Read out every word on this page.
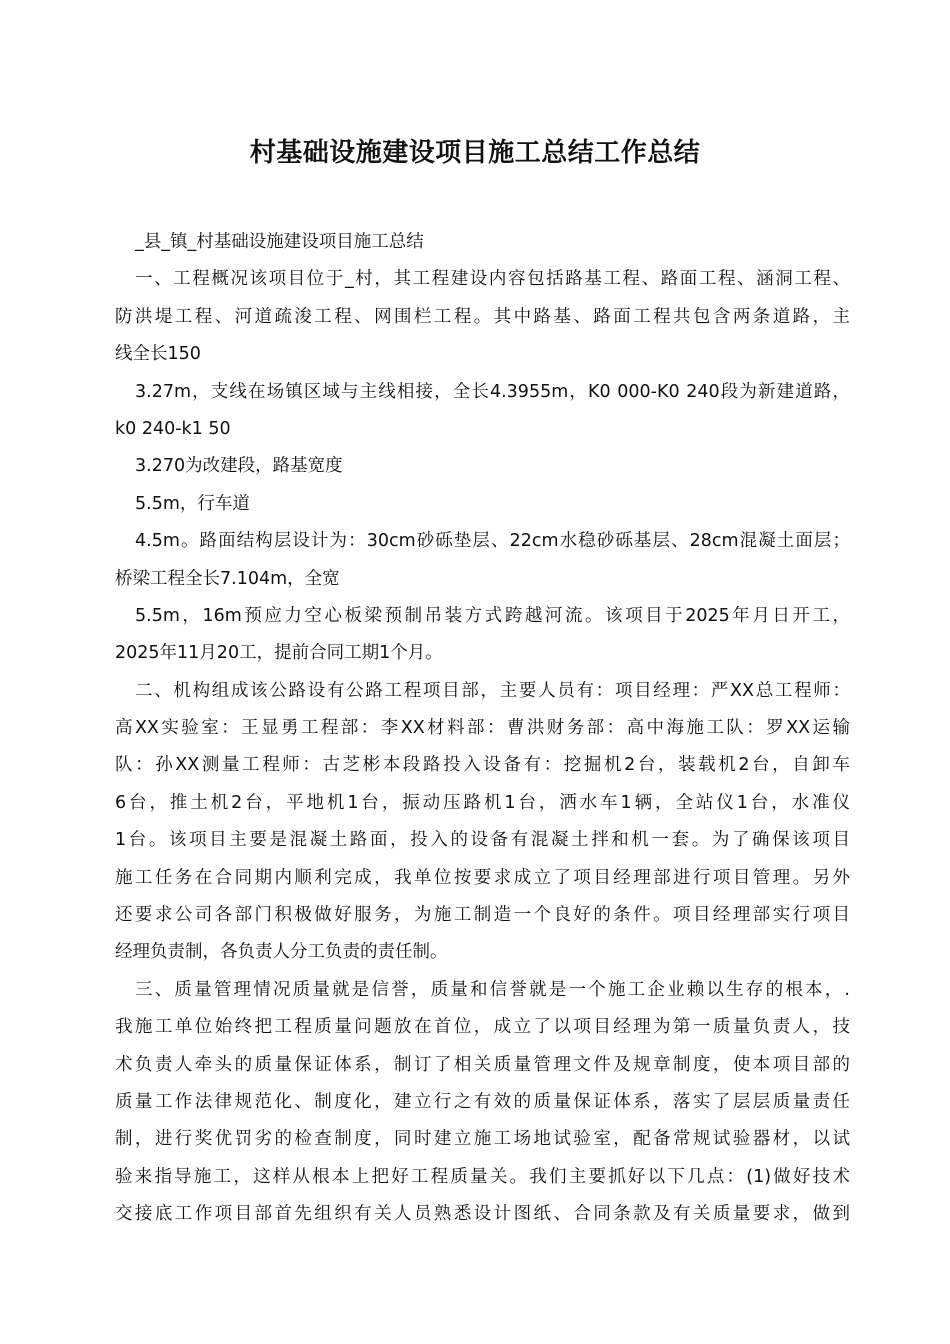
村基础设施建设项目施工总结工作总结
_县_镇_村基础设施建设项目施工总结
一、工程概况该项目位于_村，其工程建设内容包括路基工程、路面工程、涵洞工程、
防洪堤工程、河道疏浚工程、网围栏工程。其中路基、路面工程共包含两条道路，主
线全长150
3.27m，支线在场镇区域与主线相接，全长4.3955m，K0 000-K0 240段为新建道路，
k0 240-k1 50
3.270为改建段，路基宽度
5.5m，行车道
4.5m。路面结构层设计为：30cm砂砾垫层、22cm水稳砂砾基层、28cm混凝土面层；
桥梁工程全长7.104m，全宽
5.5m，16m预应力空心板梁预制吊装方式跨越河流。该项目于2025年月日开工，
2025年11月20工，提前合同工期1个月。
二、机构组成该公路设有公路工程项目部，主要人员有：项目经理：严XX总工程师：
高XX实验室：王显勇工程部：李XX材料部：曹洪财务部：高中海施工队：罗XX运输
队：孙XX测量工程师：古芝彬本段路投入设备有：挖掘机2台，装载机2台，自卸车
6台，推土机2台，平地机1台，振动压路机1台，洒水车1辆，全站仪1台，水准仪
1台。该项目主要是混凝土路面，投入的设备有混凝土拌和机一套。为了确保该项目
施工任务在合同期内顺利完成，我单位按要求成立了项目经理部进行项目管理。另外
还要求公司各部门积极做好服务，为施工制造一个良好的条件。项目经理部实行项目
经理负责制，各负责人分工负责的责任制。
三、质量管理情况质量就是信誉，质量和信誉就是一个施工企业赖以生存的根本，.
我施工单位始终把工程质量问题放在首位，成立了以项目经理为第一质量负责人，技
术负责人牵头的质量保证体系，制订了相关质量管理文件及规章制度，使本项目部的
质量工作法律规范化、制度化，建立行之有效的质量保证体系，落实了层层质量责任
制，进行奖优罚劣的检查制度，同时建立施工场地试验室，配备常规试验器材，以试
验来指导施工，这样从根本上把好工程质量关。我们主要抓好以下几点：(1)做好技术
交接底工作项目部首先组织有关人员熟悉设计图纸、合同条款及有关质量要求，做到
